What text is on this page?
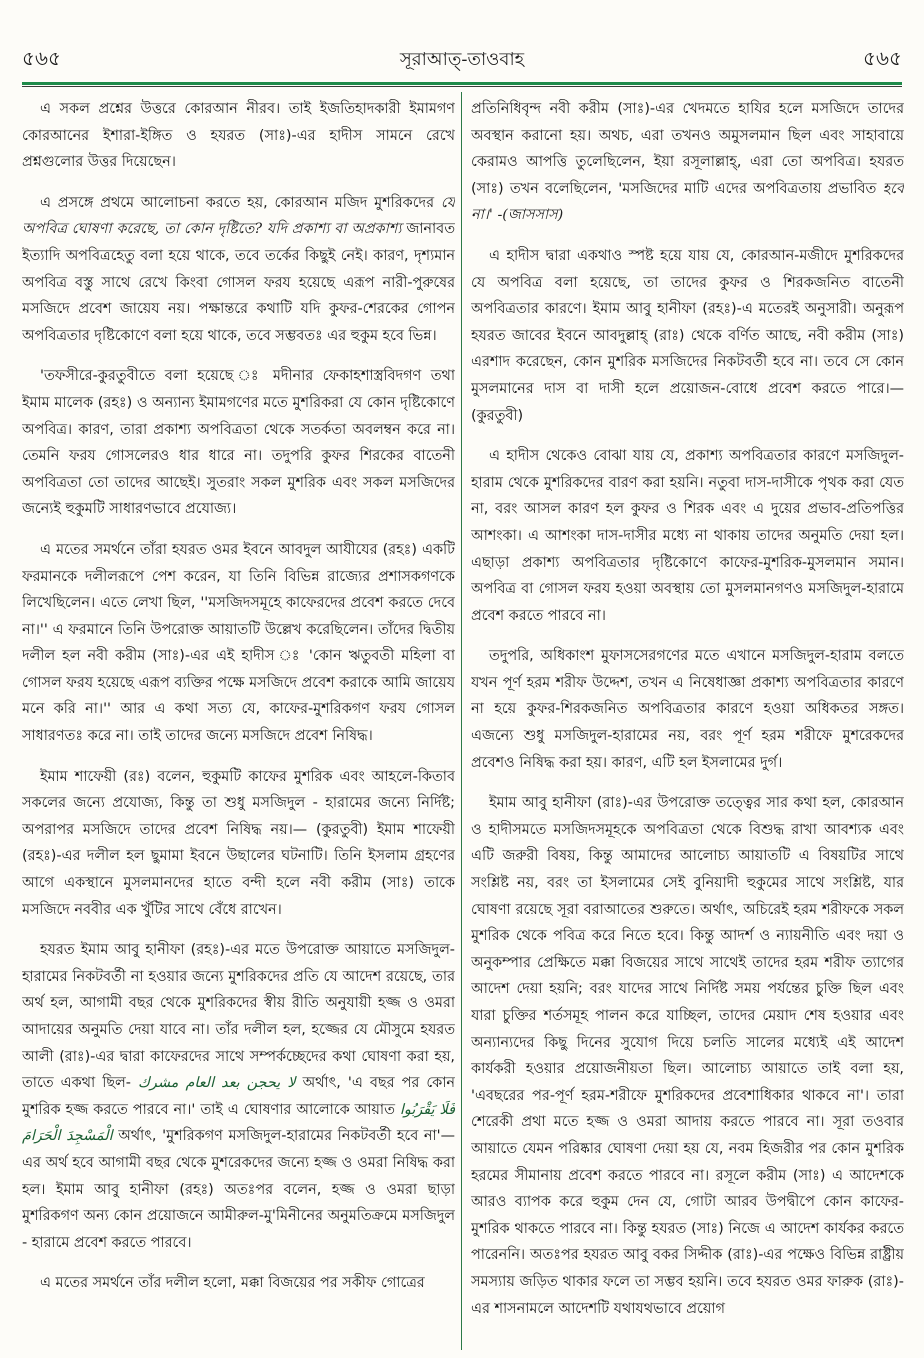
৫৬৫	সূরাআত্‌-তাওবাহ	৫৬৫

এ সকল প্রশ্নের উত্তরে কোরআন নীরব। তাই ইজতিহাদকারী ইমামগণ কোরআনের ইশারা-ইঙ্গিত ও হযরত (সাঃ)-এর হাদীস সামনে রেখে প্রশ্নগুলোর উত্তর দিয়েছেন।

এ প্রসঙ্গে প্রথমে আলোচনা করতে হয়, কোরআন মজিদ মুশরিকদের যে অপবিত্র ঘোষণা করেছে, তা কোন দৃষ্টিতে? যদি প্রকাশ্য বা অপ্রকাশ্য জানাবত ইত্যাদি অপবিত্রহেতু বলা হয়ে থাকে, তবে তর্কের কিছুই নেই। কারণ, দৃশ্যমান অপবিত্র বস্তু সাথে রেখে কিংবা গোসল ফরয হয়েছে এরূপ নারী-পুরুষের মসজিদে প্রবেশ জায়েয নয়। পক্ষান্তরে কথাটি যদি কুফর-শেরকের গোপন অপবিত্রতার দৃষ্টিকোণে বলা হয়ে থাকে, তবে সম্ভবতঃ এর হুকুম হবে ভিন্ন।

'তফসীরে-কুরতুবীতে বলা হয়েছে ঃ মদীনার ফেকাহশাস্ত্রবিদগণ তথা ইমাম মালেক (রহঃ) ও অন্যান্য ইমামগণের মতে মুশরিকরা যে কোন দৃষ্টিকোণে অপবিত্র। কারণ, তারা প্রকাশ্য অপবিত্রতা থেকে সতর্কতা অবলম্বন করে না। তেমনি ফরয গোসলেরও ধার ধারে না। তদুপরি কুফর শিরকের বাতেনী অপবিত্রতা তো তাদের আছেই। সুতরাং সকল মুশরিক এবং সকল মসজিদের জন্যেই হুকুমটি সাধারণভাবে প্রযোজ্য।

এ মতের সমর্থনে তাঁরা হযরত ওমর ইবনে আবদুল আযীযের (রহঃ) একটি ফরমানকে দলীলরূপে পেশ করেন, যা তিনি বিভিন্ন রাজ্যের প্রশাসকগণকে লিখেছিলেন। এতে লেখা ছিল, ''মসজিদসমূহে কাফেরদের প্রবেশ করতে দেবে না।'' এ ফরমানে তিনি উপরোক্ত আয়াতটি উল্লেখ করেছিলেন। তাঁদের দ্বিতীয় দলীল হল নবী করীম (সাঃ)-এর এই হাদীস ঃ 'কোন ঋতুবতী মহিলা বা গোসল ফরয হয়েছে এরূপ ব্যক্তির পক্ষে মসজিদে প্রবেশ করাকে আমি জায়েয মনে করি না।'' আর এ কথা সত্য যে, কাফের-মুশরিকগণ ফরয গোসল সাধারণতঃ করে না। তাই তাদের জন্যে মসজিদে প্রবেশ নিষিদ্ধ।

ইমাম শাফেয়ী (রঃ) বলেন, হুকুমটি কাফের মুশরিক এবং আহলে-কিতাব সকলের জন্যে প্রযোজ্য, কিন্তু তা শুধু মসজিদুল - হারামের জন্যে নির্দিষ্ট; অপরাপর মসজিদে তাদের প্রবেশ নিষিদ্ধ নয়।— (কুরতুবী) ইমাম শাফেয়ী (রহঃ)-এর দলীল হল ছুমামা ইবনে উছালের ঘটনাটি। তিনি ইসলাম গ্রহণের আগে একস্থানে মুসলমানদের হাতে বন্দী হলে নবী করীম (সাঃ) তাকে মসজিদে নববীর এক খুঁটির সাথে বেঁধে রাখেন।

হযরত ইমাম আবু হানীফা (রহঃ)-এর মতে উপরোক্ত আয়াতে মসজিদুল-হারামের নিকটবর্তী না হওয়ার জন্যে মুশরিকদের প্রতি যে আদেশ রয়েছে, তার অর্থ হল, আগামী বছর থেকে মুশরিকদের স্বীয় রীতি অনুযায়ী হজ্জ ও ওমরা আদায়ের অনুমতি দেয়া যাবে না। তাঁর দলীল হল, হজ্জের যে মৌসুমে হযরত আলী (রাঃ)-এর দ্বারা কাফেরদের সাথে সম্পর্কচ্ছেদের কথা ঘোষণা করা হয়, তাতে একথা ছিল- لا يحجن بعد العام مشرك অর্থাৎ, 'এ বছর পর কোন মুশরিক হজ্জ করতে পারবে না।' তাই এ ঘোষণার আলোকে আয়াত فَلَا يَقْرَبُوا الْمَسْجِدَ الْحَرَامَ অর্থাৎ, 'মুশরিকগণ মসজিদুল-হারামের নিকটবর্তী হবে না'—এর অর্থ হবে আগামী বছর থেকে মুশরেকদের জন্যে হজ্জ ও ওমরা নিষিদ্ধ করা হল। ইমাম আবু হানীফা (রহঃ) অতঃপর বলেন, হজ্জ ও ওমরা ছাড়া মুশরিকগণ অন্য কোন প্রয়োজনে আমীরুল-মু'মিনীনের অনুমতিক্রমে মসজিদুল - হারামে প্রবেশ করতে পারবে।

এ মতের সমর্থনে তাঁর দলীল হলো, মক্কা বিজয়ের পর সকীফ গোত্রের

প্রতিনিধিবৃন্দ নবী করীম (সাঃ)-এর খেদমতে হাযির হলে মসজিদে তাদের অবস্থান করানো হয়। অথচ, এরা তখনও অমুসলমান ছিল এবং সাহাবায়ে কেরামও আপত্তি তুলেছিলেন, ইয়া রসূলাল্লাহ্, এরা তো অপবিত্র। হযরত (সাঃ) তখন বলেছিলেন, 'মসজিদের মাটি এদের অপবিত্রতায় প্রভাবিত হবে না।' -(জাসসাস)

এ হাদীস দ্বারা একথাও স্পষ্ট হয়ে যায় যে, কোরআন-মজীদে মুশরিকদের যে অপবিত্র বলা হয়েছে, তা তাদের কুফর ও শিরকজনিত বাতেনী অপবিত্রতার কারণে। ইমাম আবু হানীফা (রহঃ)-এ মতেরই অনুসারী। অনুরূপ হযরত জাবের ইবনে আবদুল্লাহ্ (রাঃ) থেকে বর্ণিত আছে, নবী করীম (সাঃ) এরশাদ করেছেন, কোন মুশরিক মসজিদের নিকটবর্তী হবে না। তবে সে কোন মুসলমানের দাস বা দাসী হলে প্রয়োজন-বোধে প্রবেশ করতে পারে।—(কুরতুবী)

এ হাদীস থেকেও বোঝা যায় যে, প্রকাশ্য অপবিত্রতার কারণে মসজিদুল-হারাম থেকে মুশরিকদের বারণ করা হয়নি। নতুবা দাস-দাসীকে পৃথক করা যেত না, বরং আসল কারণ হল কুফর ও শিরক এবং এ দুয়ের প্রভাব-প্রতিপত্তির আশংকা। এ আশংকা দাস-দাসীর মধ্যে না থাকায় তাদের অনুমতি দেয়া হল। এছাড়া প্রকাশ্য অপবিত্রতার দৃষ্টিকোণে কাফের-মুশরিক-মুসলমান সমান। অপবিত্র বা গোসল ফরয হওয়া অবস্থায় তো মুসলমানগণও মসজিদুল-হারামে প্রবেশ করতে পারবে না।

তদুপরি, অধিকাংশ মুফাসসেরগণের মতে এখানে মসজিদুল-হারাম বলতে যখন পূর্ণ হরম শরীফ উদ্দেশ, তখন এ নিষেধাজ্ঞা প্রকাশ্য অপবিত্রতার কারণে না হয়ে কুফর-শিরকজনিত অপবিত্রতার কারণে হওয়া অধিকতর সঙ্গত। এজন্যে শুধু মসজিদুল-হারামের নয়, বরং পূর্ণ হরম শরীফে মুশরেকদের প্রবেশও নিষিদ্ধ করা হয়। কারণ, এটি হল ইসলামের দুর্গ।

ইমাম আবু হানীফা (রাঃ)-এর উপরোক্ত তত্ত্বের সার কথা হল, কোরআন ও হাদীসমতে মসজিদসমূহকে অপবিত্রতা থেকে বিশুদ্ধ রাখা আবশ্যক এবং এটি জরুরী বিষয়, কিন্তু আমাদের আলোচ্য আয়াতটি এ বিষয়টির সাথে সংশ্লিষ্ট নয়, বরং তা ইসলামের সেই বুনিয়াদী হুকুমের সাথে সংশ্লিষ্ট, যার ঘোষণা রয়েছে সূরা বরাআতের শুরুতে। অর্থাৎ, অচিরেই হরম শরীফকে সকল মুশরিক থেকে পবিত্র করে নিতে হবে। কিন্তু আদর্শ ও ন্যায়নীতি এবং দয়া ও অনুকম্পার প্রেক্ষিতে মক্কা বিজয়ের সাথে সাথেই তাদের হরম শরীফ ত্যাগের আদেশ দেয়া হয়নি; বরং যাদের সাথে নির্দিষ্ট সময় পর্যন্তের চুক্তি ছিল এবং যারা চুক্তির শর্তসমূহ পালন করে যাচ্ছিল, তাদের মেয়াদ শেষ হওয়ার এবং অন্যান্যদের কিছু দিনের সুযোগ দিয়ে চলতি সালের মধ্যেই এই আদেশ কার্যকরী হওয়ার প্রয়োজনীয়তা ছিল। আলোচ্য আয়াতে তাই বলা হয়, 'এবছরের পর-পূর্ণ হরম-শরীফে মুশরিকদের প্রবেশাধিকার থাকবে না'। তারা শেরেকী প্রথা মতে হজ্জ ও ওমরা আদায় করতে পারবে না। সূরা তওবার আয়াতে যেমন পরিষ্কার ঘোষণা দেয়া হয় যে, নবম হিজরীর পর কোন মুশরিক হরমের সীমানায় প্রবেশ করতে পারবে না। রসূলে করীম (সাঃ) এ আদেশকে আরও ব্যাপক করে হুকুম দেন যে, গোটা আরব উপদ্বীপে কোন কাফের-মুশরিক থাকতে পারবে না। কিন্তু হযরত (সাঃ) নিজে এ আদেশ কার্যকর করতে পারেননি। অতঃপর হযরত আবু বকর সিদ্দীক (রাঃ)-এর পক্ষেও বিভিন্ন রাষ্ট্রীয় সমস্যায় জড়িত থাকার ফলে তা সম্ভব হয়নি। তবে হযরত ওমর ফারুক (রাঃ)-এর শাসনামলে আদেশটি যথাযথভাবে প্রয়োগ
